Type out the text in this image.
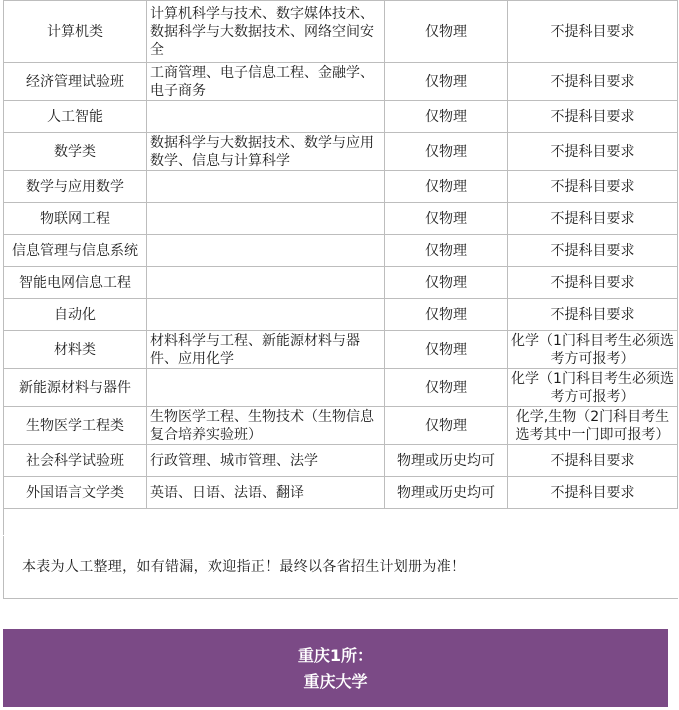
计算机类	计算机科学与技术、数字媒体技术、数据科学与大数据技术、网络空间安全	仅物理	不提科目要求
经济管理试验班	工商管理、电子信息工程、金融学、电子商务	仅物理	不提科目要求
人工智能		仅物理	不提科目要求
数学类	数据科学与大数据技术、数学与应用数学、信息与计算科学	仅物理	不提科目要求
数学与应用数学		仅物理	不提科目要求
物联网工程		仅物理	不提科目要求
信息管理与信息系统		仅物理	不提科目要求
智能电网信息工程		仅物理	不提科目要求
自动化		仅物理	不提科目要求
材料类	材料科学与工程、新能源材料与器件、应用化学	仅物理	化学（1门科目考生必须选考方可报考）
新能源材料与器件		仅物理	化学（1门科目考生必须选考方可报考）
生物医学工程类	生物医学工程、生物技术（生物信息复合培养实验班）	仅物理	化学,生物（2门科目考生选考其中一门即可报考）
社会科学试验班	行政管理、城市管理、法学	物理或历史均可	不提科目要求
外国语言文学类	英语、日语、法语、翻译	物理或历史均可	不提科目要求

本表为人工整理，如有错漏，欢迎指正！最终以各省招生计划册为准！
重庆1所：
重庆大学
